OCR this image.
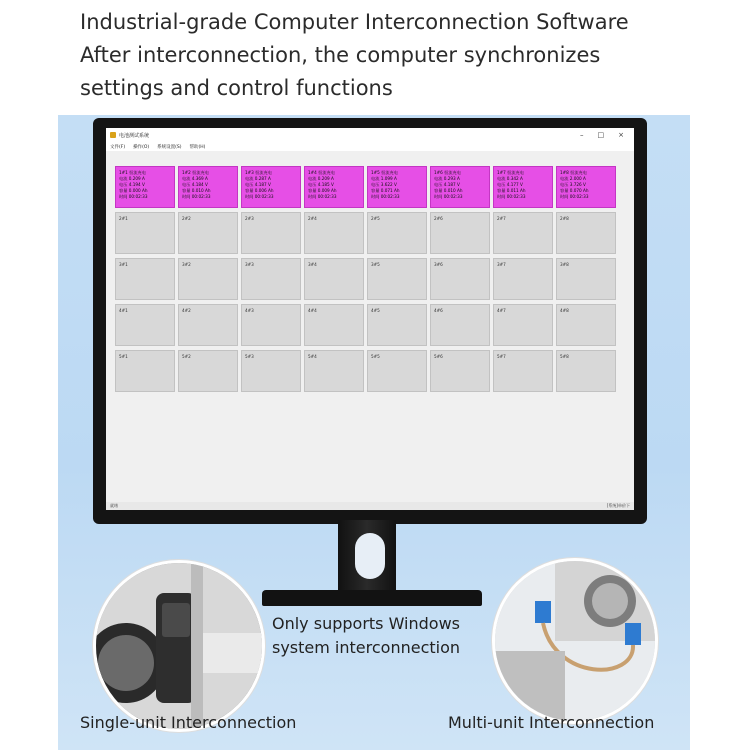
Industrial-grade Computer Interconnection Software
After interconnection, the computer synchronizes
settings and control functions
电池测试系统	– □ ×
文件(F) 操作(O) 系统设置(S) 帮助(H)
1#1 恒流充电
电流 0.209 A
电压 4.194 V
容量 0.000 Ah
时间 00:02:33
1#2 恒流充电
电流 4.369 A
电压 4.184 V
容量 0.010 Ah
时间 00:02:33
1#3 恒流充电
电流 0.287 A
电压 4.187 V
容量 0.006 Ah
时间 00:02:33
1#4 恒流充电
电流 0.209 A
电压 4.185 V
容量 0.009 Ah
时间 00:02:33
1#5 恒流充电
电流 1.099 A
电压 3.622 V
容量 0.071 Ah
时间 00:02:33
1#6 恒流充电
电流 0.293 A
电压 4.187 V
容量 0.010 Ah
时间 00:02:33
1#7 恒流充电
电流 0.342 A
电压 4.177 V
容量 0.011 Ah
时间 00:02:33
1#8 恒流充电
电流 2.000 A
电压 3.726 V
容量 0.070 Ah
时间 00:02:33
2#1	2#2	2#3	2#4	2#5	2#6	2#7	2#8
3#1	3#2	3#3	3#4	3#5	3#6	3#7	3#8
4#1	4#2	4#3	4#4	4#5	4#6	4#7	4#8
5#1	5#2	5#3	5#4	5#5	5#6	5#7	5#8
就绪	[系统]单价下
Only supports Windows
system interconnection
Single-unit Interconnection	Multi-unit Interconnection
